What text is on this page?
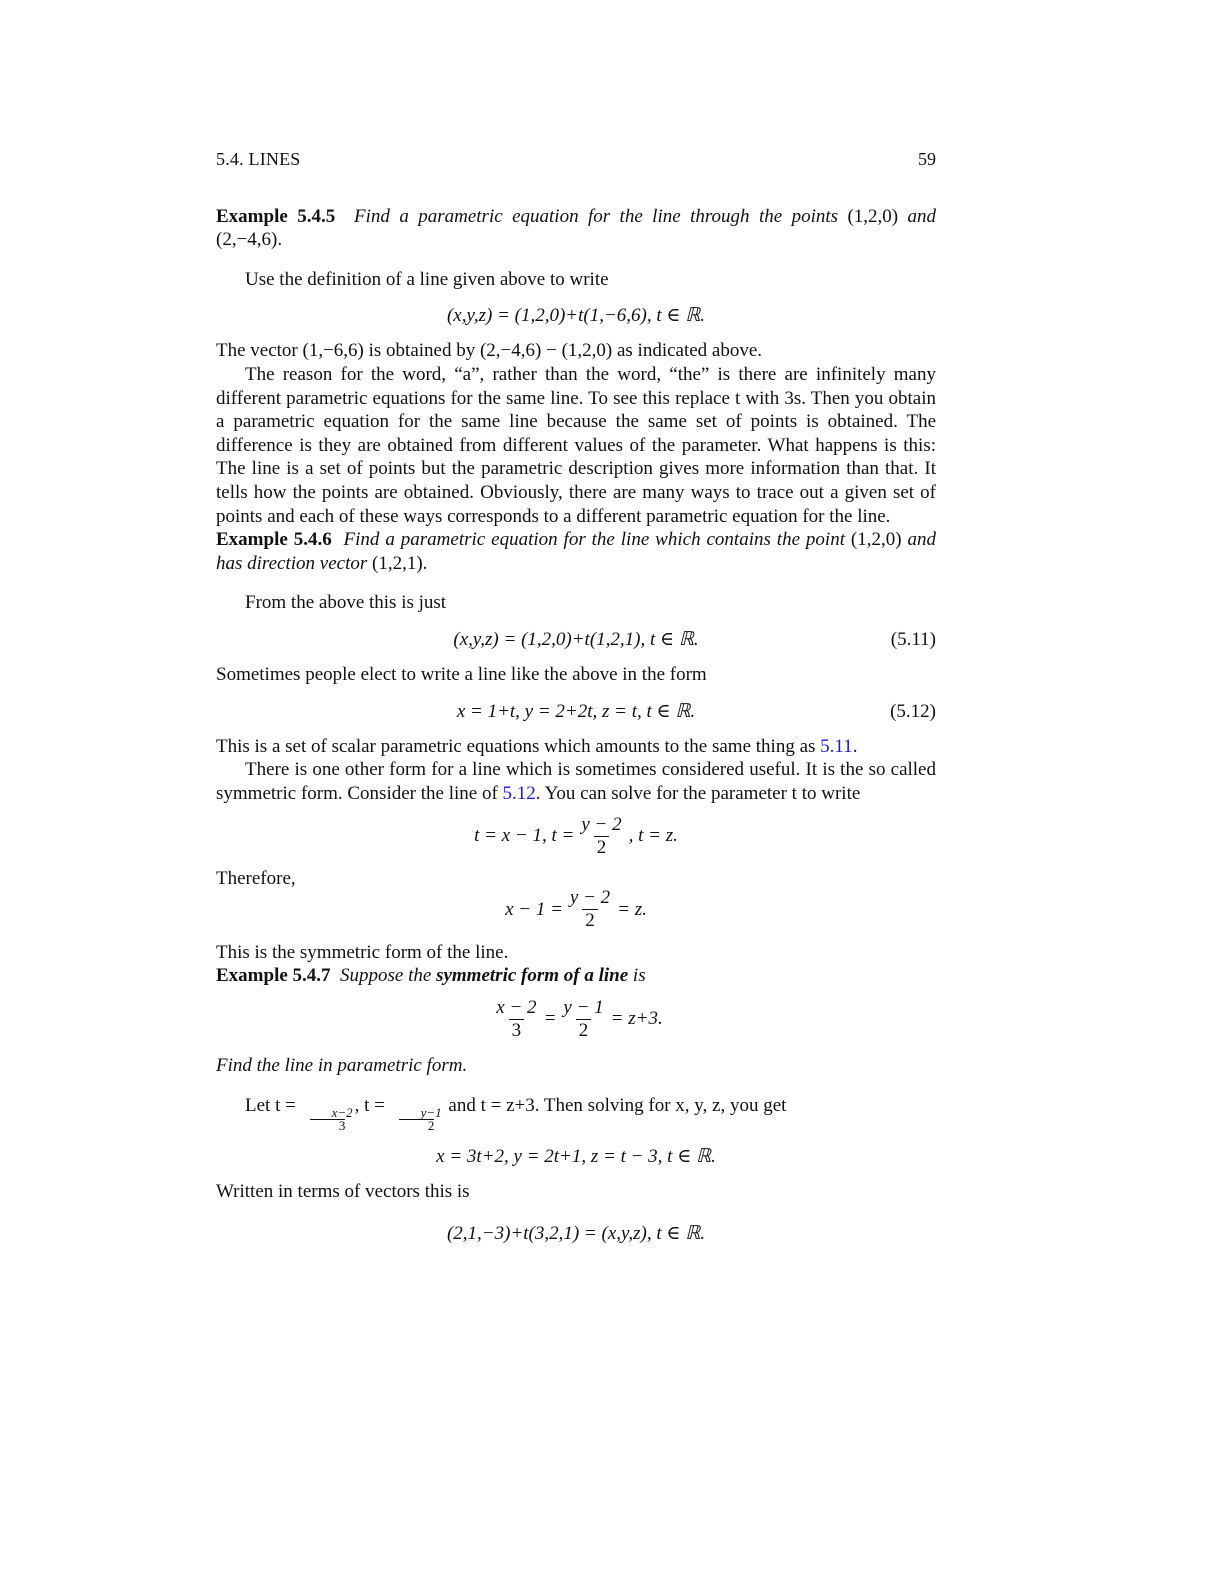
5.4. LINES	59

Example 5.4.5 Find a parametric equation for the line through the points (1,2,0) and (2,−4,6).

Use the definition of a line given above to write

(x,y,z) = (1,2,0)+t(1,−6,6), t ∈ ℝ.

The vector (1,−6,6) is obtained by (2,−4,6) − (1,2,0) as indicated above.

The reason for the word, “a”, rather than the word, “the” is there are infinitely many different parametric equations for the same line. To see this replace t with 3s. Then you obtain a parametric equation for the same line because the same set of points is obtained. The difference is they are obtained from different values of the parameter. What happens is this: The line is a set of points but the parametric description gives more information than that. It tells how the points are obtained. Obviously, there are many ways to trace out a given set of points and each of these ways corresponds to a different parametric equation for the line.

Example 5.4.6 Find a parametric equation for the line which contains the point (1,2,0) and has direction vector (1,2,1).

From the above this is just

(x,y,z) = (1,2,0)+t(1,2,1), t ∈ ℝ.	(5.11)

Sometimes people elect to write a line like the above in the form

x = 1+t, y = 2+2t, z = t, t ∈ ℝ.	(5.12)

This is a set of scalar parametric equations which amounts to the same thing as 5.11.

There is one other form for a line which is sometimes considered useful. It is the so called symmetric form. Consider the line of 5.12. You can solve for the parameter t to write

t = x − 1, $t = \frac{y - 2}{2}$ , t = z.

Therefore,

$x - 1 = \frac{y - 2}{2} = z$.

This is the symmetric form of the line.

Example 5.4.7 Suppose the symmetric form of a line is

$\frac{x - 2}{3} = \frac{y - 1}{2} = z+3$.

Find the line in parametric form.

Let t =
$\frac{x-2}{3}$
, t =
$\frac{y-1}{2}$
and t = z+3. Then solving for x, y, z, you get

x = 3t+2, y = 2t+1, z = t − 3, t ∈ ℝ.

Written in terms of vectors this is

(2,1,−3)+t(3,2,1) = (x,y,z), t ∈ ℝ.
